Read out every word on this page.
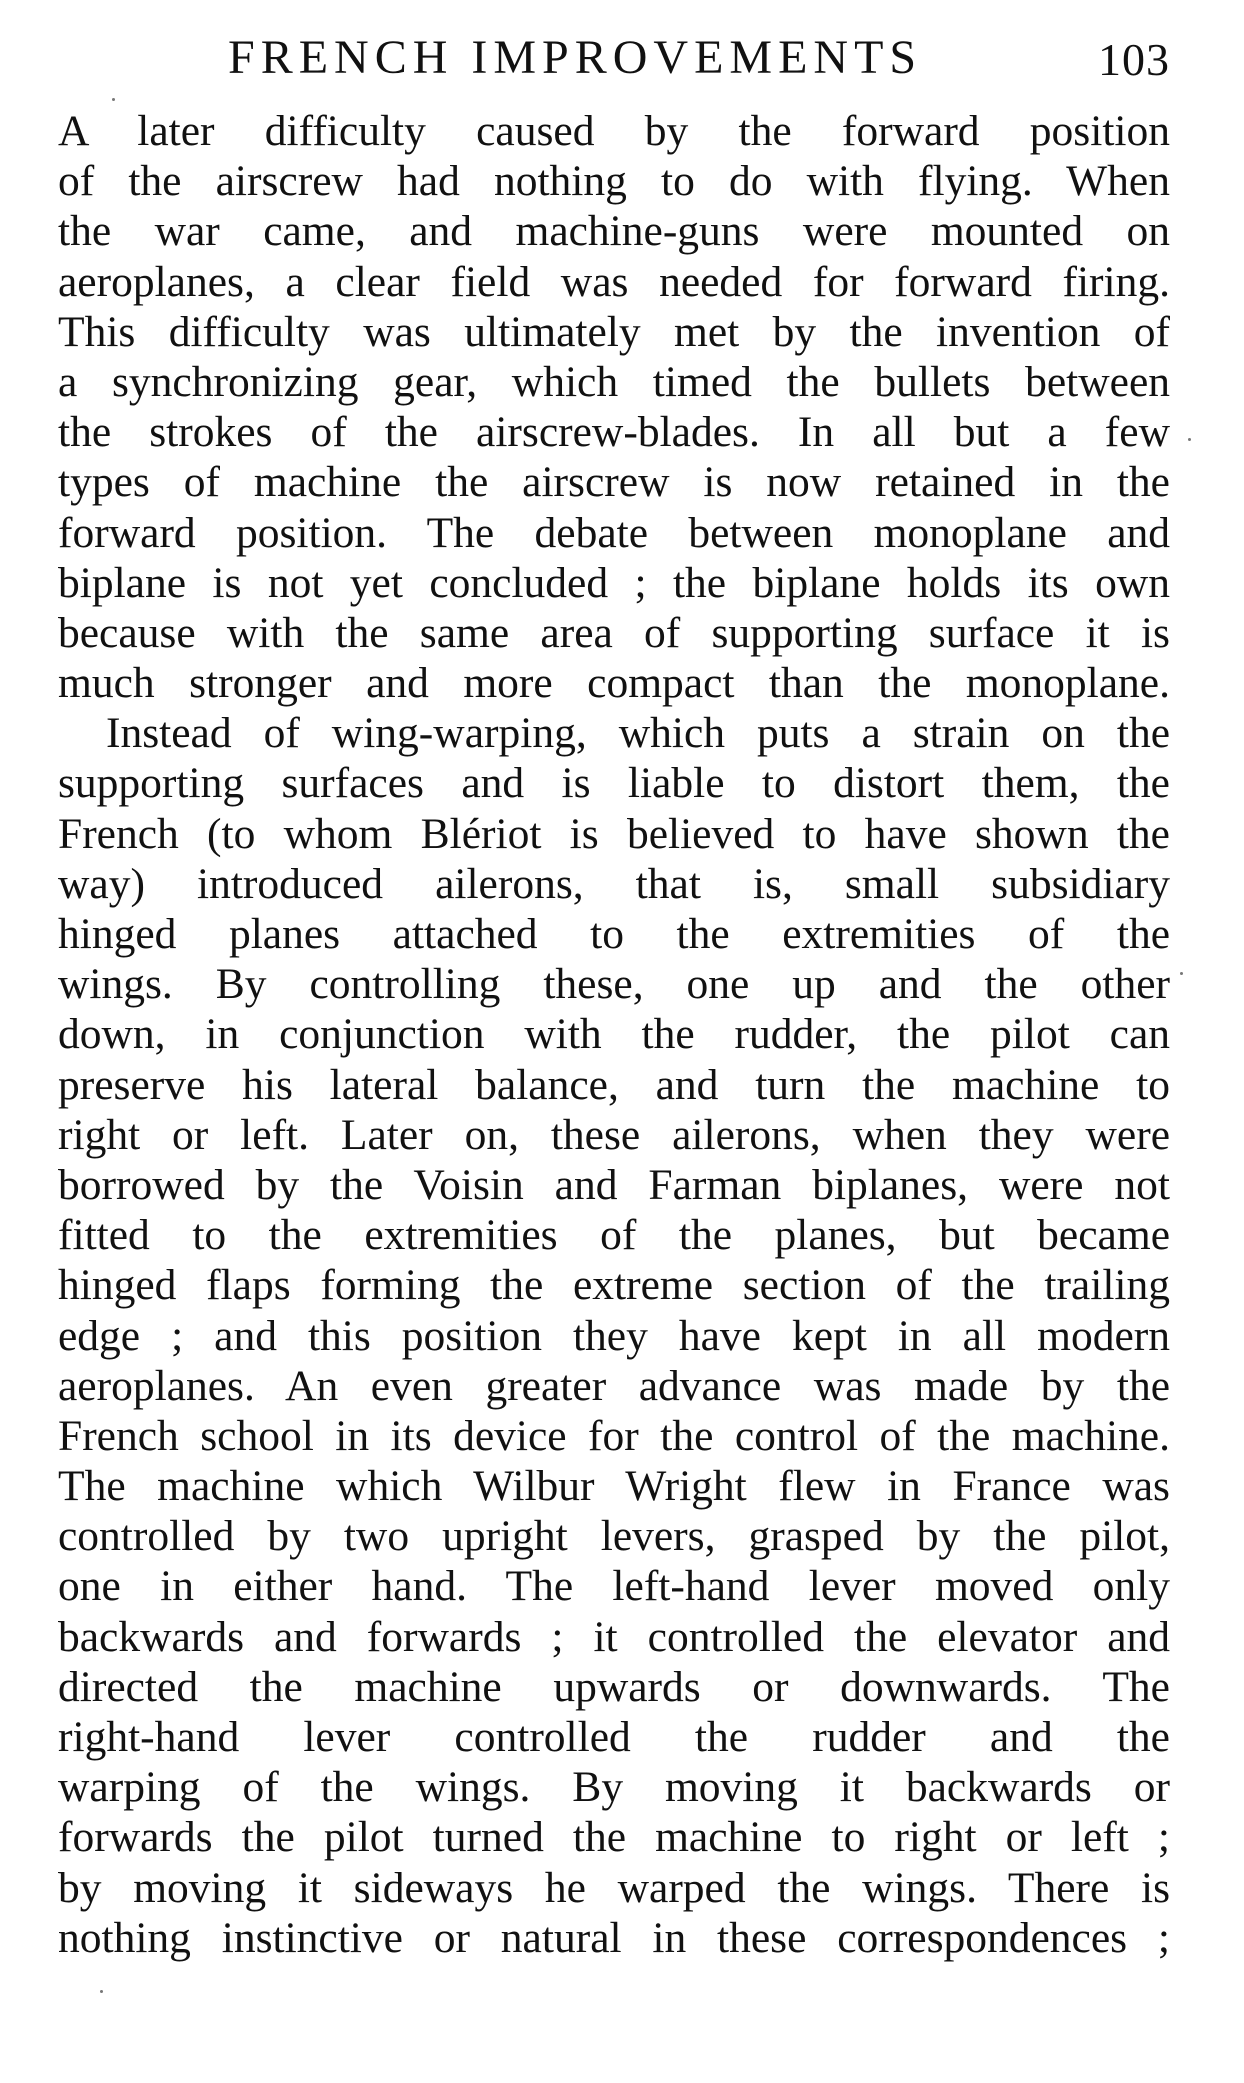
FRENCH IMPROVEMENTS	103
A later difficulty caused by the forward position
of the airscrew had nothing to do with flying. When
the war came, and machine-guns were mounted on
aeroplanes, a clear field was needed for forward firing.
This difficulty was ultimately met by the invention of
a synchronizing gear, which timed the bullets between
the strokes of the airscrew-blades. In all but a few
types of machine the airscrew is now retained in the
forward position. The debate between monoplane and
biplane is not yet concluded ; the biplane holds its own
because with the same area of supporting surface it is
much stronger and more compact than the monoplane.
Instead of wing-warping, which puts a strain on the
supporting surfaces and is liable to distort them, the
French (to whom Blériot is believed to have shown the
way) introduced ailerons, that is, small subsidiary
hinged planes attached to the extremities of the
wings. By controlling these, one up and the other
down, in conjunction with the rudder, the pilot can
preserve his lateral balance, and turn the machine to
right or left. Later on, these ailerons, when they were
borrowed by the Voisin and Farman biplanes, were not
fitted to the extremities of the planes, but became
hinged flaps forming the extreme section of the trailing
edge ; and this position they have kept in all modern
aeroplanes. An even greater advance was made by the
French school in its device for the control of the machine.
The machine which Wilbur Wright flew in France was
controlled by two upright levers, grasped by the pilot,
one in either hand. The left-hand lever moved only
backwards and forwards ; it controlled the elevator and
directed the machine upwards or downwards. The
right-hand lever controlled the rudder and the
warping of the wings. By moving it backwards or
forwards the pilot turned the machine to right or left ;
by moving it sideways he warped the wings. There is
nothing instinctive or natural in these correspondences ;
